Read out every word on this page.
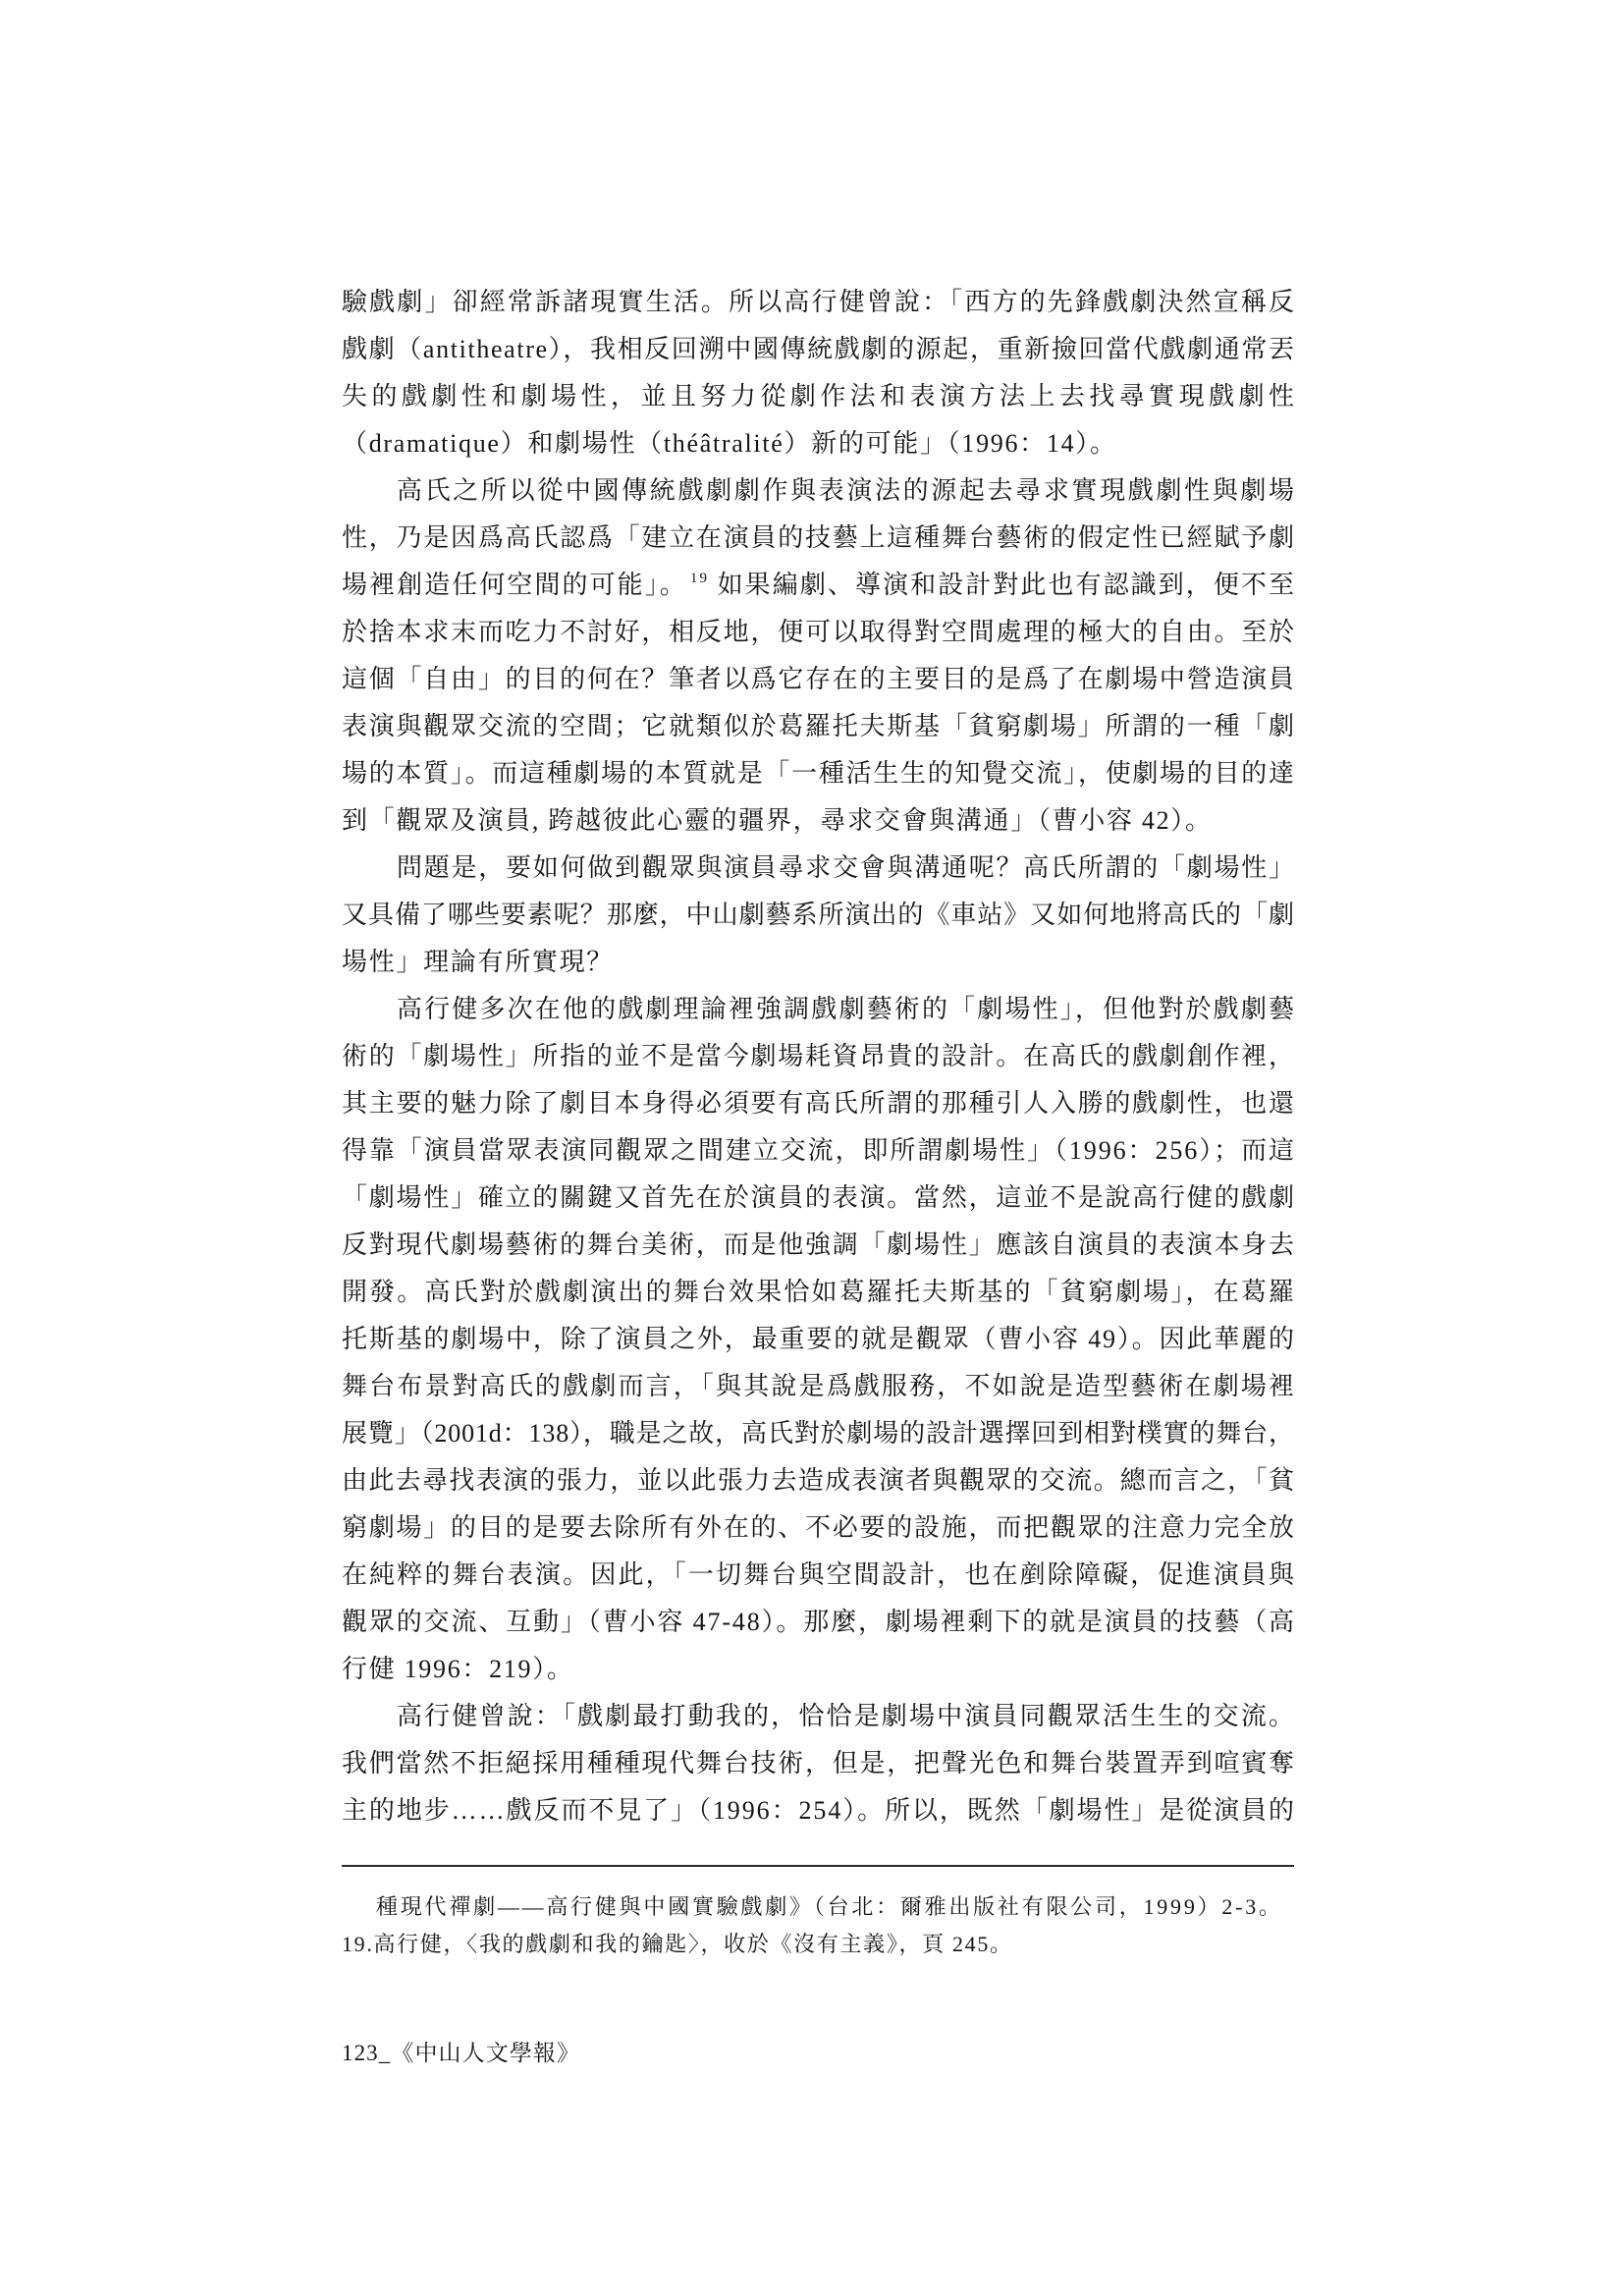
驗戲劇」卻經常訴諸現實生活。所以高行健曾說：「西方的先鋒戲劇決然宣稱反
戲劇（antitheatre），我相反回溯中國傳統戲劇的源起，重新撿回當代戲劇通常丟
失的戲劇性和劇場性，並且努力從劇作法和表演方法上去找尋實現戲劇性
（dramatique）和劇場性（théâtralité）新的可能」（1996：14）。
高氏之所以從中國傳統戲劇劇作與表演法的源起去尋求實現戲劇性與劇場
性，乃是因爲高氏認爲「建立在演員的技藝上這種舞台藝術的假定性已經賦予劇
場裡創造任何空間的可能」。 $^{19}$ 如果編劇、導演和設計對此也有認識到，便不至
於捨本求末而吃力不討好，相反地，便可以取得對空間處理的極大的自由。至於
這個「自由」的目的何在？筆者以爲它存在的主要目的是爲了在劇場中營造演員
表演與觀眾交流的空間；它就類似於葛羅托夫斯基「貧窮劇場」所謂的一種「劇
場的本質」。而這種劇場的本質就是「一種活生生的知覺交流」，使劇場的目的達
到「觀眾及演員, 跨越彼此心靈的疆界，尋求交會與溝通」（曹小容 42）。
問題是，要如何做到觀眾與演員尋求交會與溝通呢？高氏所謂的「劇場性」
又具備了哪些要素呢？那麼，中山劇藝系所演出的《車站》又如何地將高氏的「劇
場性」理論有所實現？
高行健多次在他的戲劇理論裡強調戲劇藝術的「劇場性」，但他對於戲劇藝
術的「劇場性」所指的並不是當今劇場耗資昂貴的設計。在高氏的戲劇創作裡，
其主要的魅力除了劇目本身得必須要有高氏所謂的那種引人入勝的戲劇性，也還
得靠「演員當眾表演同觀眾之間建立交流，即所謂劇場性」（1996：256）；而這
「劇場性」確立的關鍵又首先在於演員的表演。當然，這並不是說高行健的戲劇
反對現代劇場藝術的舞台美術，而是他強調「劇場性」應該自演員的表演本身去
開發。高氏對於戲劇演出的舞台效果恰如葛羅托夫斯基的「貧窮劇場」，在葛羅
托斯基的劇場中，除了演員之外，最重要的就是觀眾（曹小容 49）。因此華麗的
舞台布景對高氏的戲劇而言，「與其說是爲戲服務，不如說是造型藝術在劇場裡
展覽」（2001d：138），職是之故，高氏對於劇場的設計選擇回到相對樸實的舞台，
由此去尋找表演的張力，並以此張力去造成表演者與觀眾的交流。總而言之，「貧
窮劇場」的目的是要去除所有外在的、不必要的設施，而把觀眾的注意力完全放
在純粹的舞台表演。因此，「一切舞台與空間設計，也在剷除障礙，促進演員與
觀眾的交流、互動」（曹小容 47-48）。那麼，劇場裡剩下的就是演員的技藝（高
行健 1996：219）。
高行健曾說：「戲劇最打動我的，恰恰是劇場中演員同觀眾活生生的交流。
我們當然不拒絕採用種種現代舞台技術，但是，把聲光色和舞台裝置弄到喧賓奪
主的地步……戲反而不見了」（1996：254）。所以，既然「劇場性」是從演員的
種現代禪劇——高行健與中國實驗戲劇》（台北：爾雅出版社有限公司，1999）2-3。
19.高行健，〈我的戲劇和我的鑰匙〉，收於《沒有主義》，頁 245。
123_《中山人文學報》
